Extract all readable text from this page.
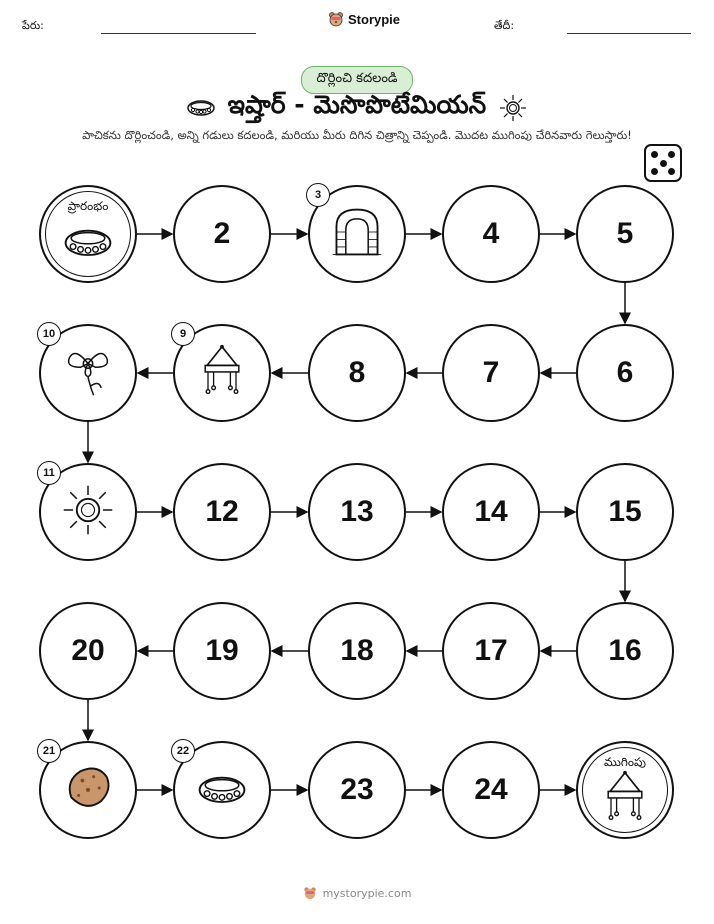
పేరు:	Storypie	తేదీ:
దొర్లించి కదలండి
ఇష్తార్ - మెసొపొటేమియన్
పాచికను దొర్లించండి, అన్ని గడులు కదలండి, మరియు మీరు దిగిన చిత్రాన్ని చెప్పండి. మొదట ముగింపు చేరినవారు గెలుస్తారు!
ప్రారంభం
2
3
4	5
6
7
8
9
10
11
12	13	14	15
16
17
18
19
20
21	22
23	24
ముగింపు
mystorypie.com
